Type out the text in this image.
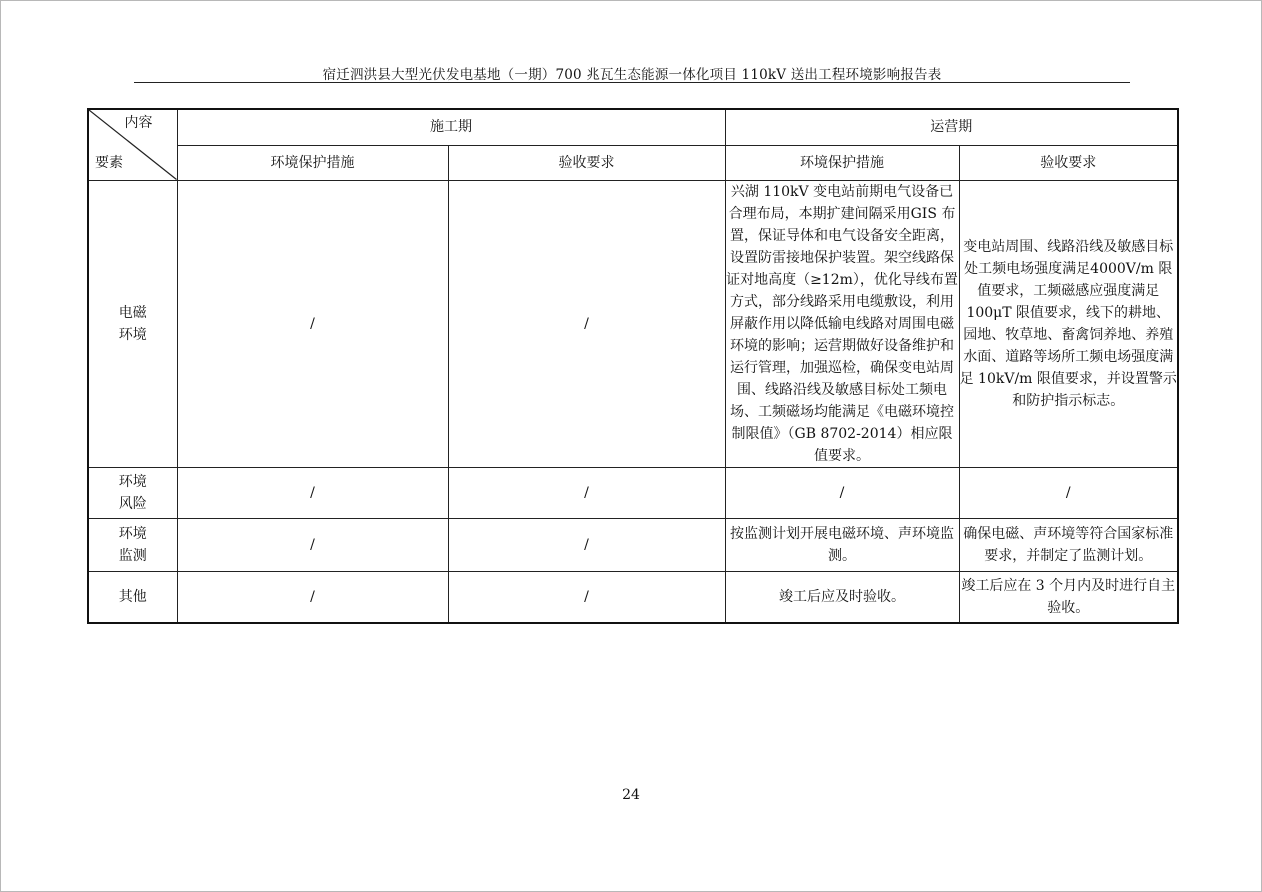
宿迁泗洪县大型光伏发电基地（一期）700 兆瓦生态能源一体化项目 110kV 送出工程环境影响报告表
内容
要素	施工期		运营期	
	环境保护措施	验收要求	环境保护措施	验收要求
电磁
环境	/	/	兴湖 110kV 变电站前期电气设备已合理布局，本期扩建间隔采用GIS 布置，保证导体和电气设备安全距离，设置防雷接地保护装置。架空线路保证对地高度（≥12m），优化导线布置方式，部分线路采用电缆敷设，利用屏蔽作用以降低输电线路对周围电磁环境的影响；运营期做好设备维护和运行管理，加强巡检，确保变电站周围、线路沿线及敏感目标处工频电场、工频磁场均能满足《电磁环境控制限值》（GB 8702-2014）相应限值要求。	变电站周围、线路沿线及敏感目标处工频电场强度满足4000V/m 限值要求，工频磁感应强度满足 100μT 限值要求，线下的耕地、园地、牧草地、畜禽饲养地、养殖水面、道路等场所工频电场强度满足 10kV/m 限值要求，并设置警示和防护指示标志。
环境
风险	/	/	/	/
环境
监测	/	/	按监测计划开展电磁环境、声环境监测。	确保电磁、声环境等符合国家标准要求，并制定了监测计划。
其他	/	/	竣工后应及时验收。	竣工后应在 3 个月内及时进行自主验收。
24
